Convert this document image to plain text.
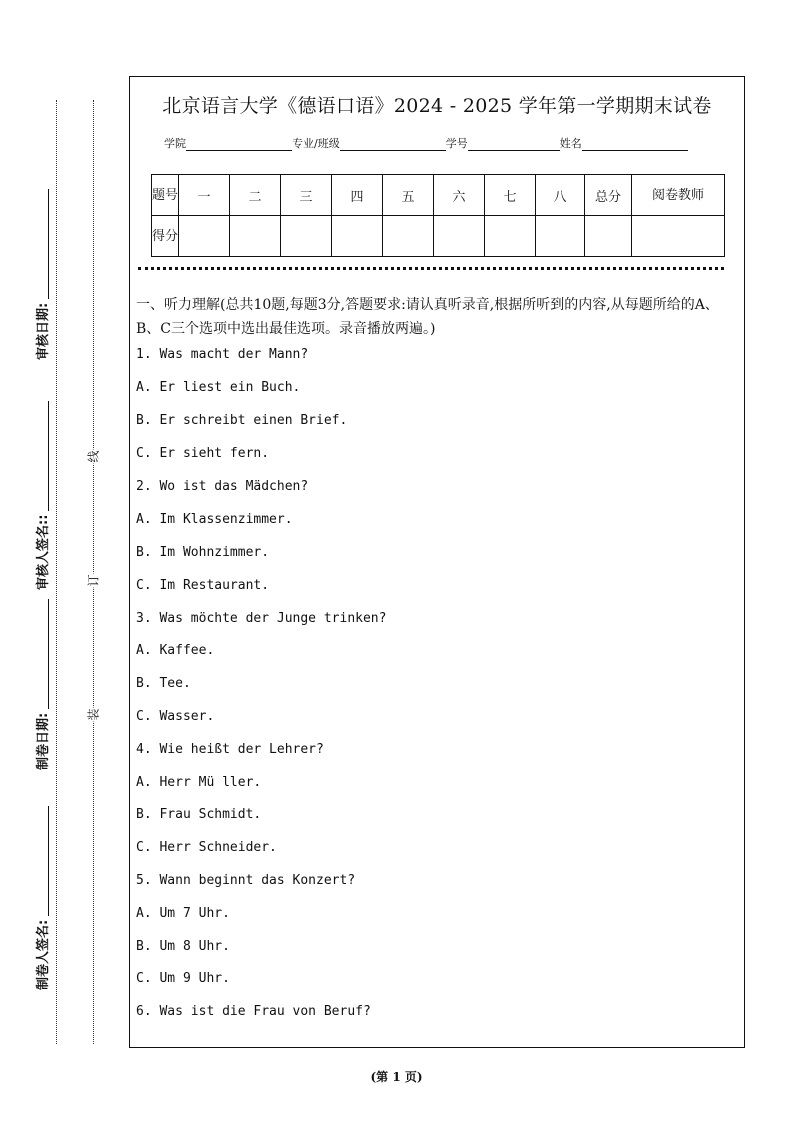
审核日期:
审核人签名::
制卷日期:
制卷人签名:
线
订
装
北京语言大学《德语口语》2024 - 2025 学年第一学期期末试卷
学院	专业/班级	学号	姓名
题号	一	二	三	四	五	六	七	八	总分	阅卷教师
得分										
一、听力理解(总共10题,每题3分,答题要求:请认真听录音,根据所听到的内容,从每题所给的A、B、C三个选项中选出最佳选项。录音播放两遍。)
1. Was macht der Mann?
A. Er liest ein Buch.
B. Er schreibt einen Brief.
C. Er sieht fern.
2. Wo ist das Mädchen?
A. Im Klassenzimmer.
B. Im Wohnzimmer.
C. Im Restaurant.
3. Was möchte der Junge trinken?
A. Kaffee.
B. Tee.
C. Wasser.
4. Wie heißt der Lehrer?
A. Herr Mü ller.
B. Frau Schmidt.
C. Herr Schneider.
5. Wann beginnt das Konzert?
A. Um 7 Uhr.
B. Um 8 Uhr.
C. Um 9 Uhr.
6. Was ist die Frau von Beruf?
(第 1 页)
